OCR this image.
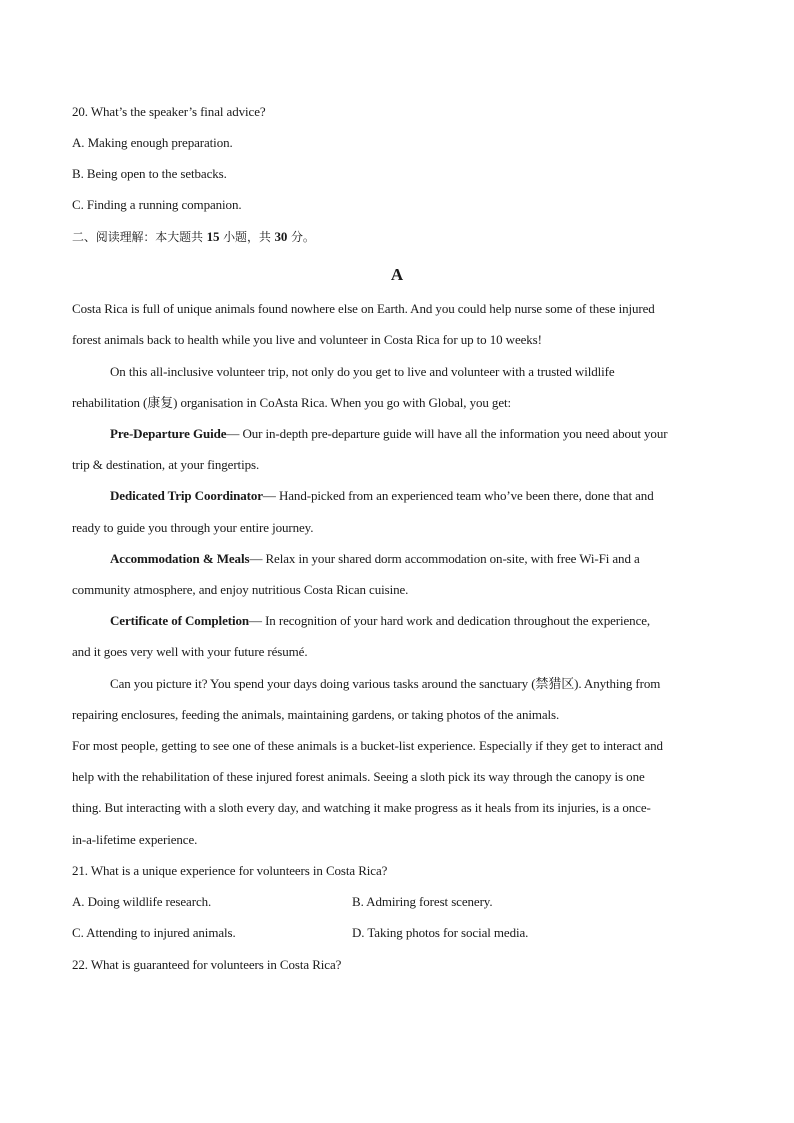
20. What’s the speaker’s final advice?
A. Making enough preparation.
B. Being open to the setbacks.
C. Finding a running companion.
二、阅读理解：本大题共 15 小题，共 30 分。
A
Costa Rica is full of unique animals found nowhere else on Earth. And you could help nurse some of these injured
forest animals back to health while you live and volunteer in Costa Rica for up to 10 weeks!
On this all-inclusive volunteer trip, not only do you get to live and volunteer with a trusted wildlife
rehabilitation (康复) organisation in CoAsta Rica. When you go with Global, you get:
Pre-Departure Guide— Our in-depth pre-departure guide will have all the information you need about your
trip & destination, at your fingertips.
Dedicated Trip Coordinator— Hand-picked from an experienced team who’ve been there, done that and
ready to guide you through your entire journey.
Accommodation & Meals— Relax in your shared dorm accommodation on-site, with free Wi-Fi and a
community atmosphere, and enjoy nutritious Costa Rican cuisine.
Certificate of Completion— In recognition of your hard work and dedication throughout the experience,
and it goes very well with your future résumé.
Can you picture it? You spend your days doing various tasks around the sanctuary (禁猎区). Anything from
repairing enclosures, feeding the animals, maintaining gardens, or taking photos of the animals.
For most people, getting to see one of these animals is a bucket-list experience. Especially if they get to interact and
help with the rehabilitation of these injured forest animals. Seeing a sloth pick its way through the canopy is one
thing. But interacting with a sloth every day, and watching it make progress as it heals from its injuries, is a once-
in-a-lifetime experience.
21. What is a unique experience for volunteers in Costa Rica?
A. Doing wildlife research.	B. Admiring forest scenery.
C. Attending to injured animals.	D. Taking photos for social media.
22. What is guaranteed for volunteers in Costa Rica?
